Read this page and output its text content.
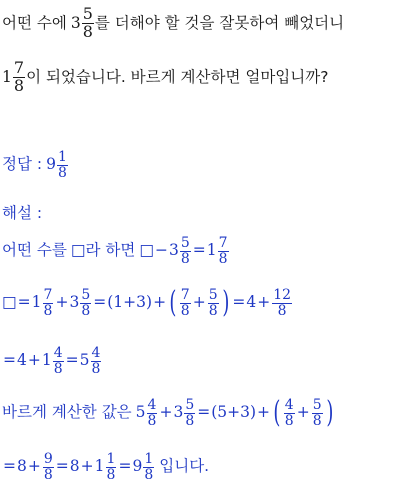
어떤 수에 $3 \frac{5}{8}$ 를 더해야 할 것을 잘못하여 빼었더니
$1 \frac{7}{8}$ 이 되었습니다. 바르게 계산하면 얼마입니까?
정답 : $9 \frac{1}{8}$
해설 :
어떤 수를 □ 라 하면 □ − $3 \frac{5}{8} = 1 \frac{7}{8}$
□ = $1 \frac{7}{8} + 3 \frac{5}{8} = (1+3)$ + ( $\frac{7}{8} + \frac{5}{8}$ ) = $4 + \frac{12}{8}$
= $4 + 1 \frac{4}{8} = 5 \frac{4}{8}$
바르게 계산한 값은 $5 \frac{4}{8} + 3 \frac{5}{8} = (5+3)$ + ( $\frac{4}{8} + \frac{5}{8}$ )
= $8 + \frac{9}{8} = 8 + 1 \frac{1}{8} = 9 \frac{1}{8}$ 입니다.
